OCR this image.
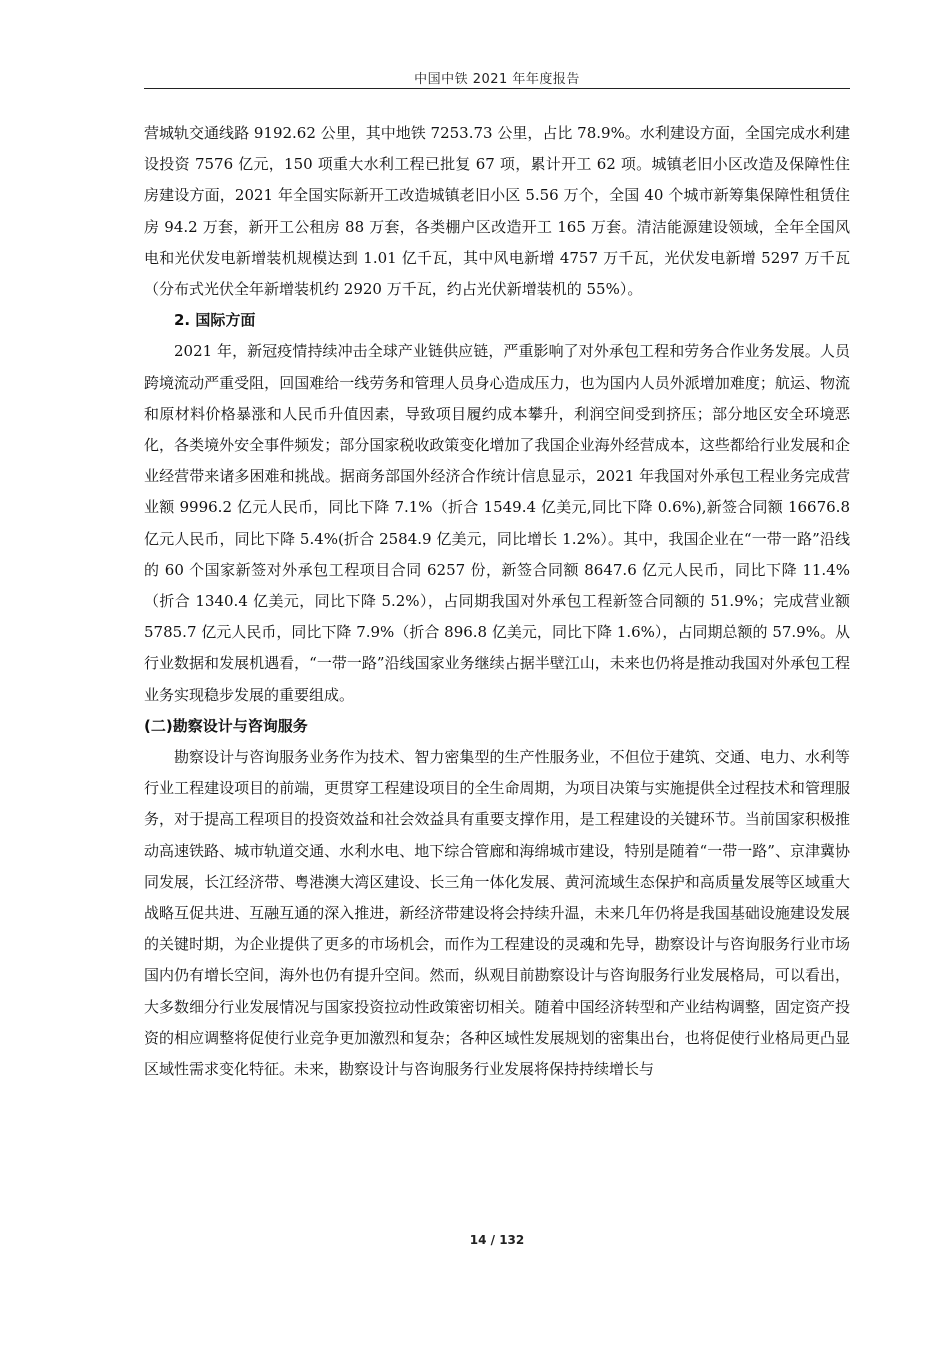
中国中铁 2021 年年度报告

营城轨交通线路 9192.62 公里，其中地铁 7253.73 公里，占比 78.9%。水利建设方面，全国完成水利建设投资 7576 亿元，150 项重大水利工程已批复 67 项，累计开工 62 项。城镇老旧小区改造及保障性住房建设方面，2021 年全国实际新开工改造城镇老旧小区 5.56 万个，全国 40 个城市新筹集保障性租赁住房 94.2 万套，新开工公租房 88 万套，各类棚户区改造开工 165 万套。清洁能源建设领域，全年全国风电和光伏发电新增装机规模达到 1.01 亿千瓦，其中风电新增 4757 万千瓦，光伏发电新增 5297 万千瓦（分布式光伏全年新增装机约 2920 万千瓦，约占光伏新增装机的 55%）。

2. 国际方面

2021 年，新冠疫情持续冲击全球产业链供应链，严重影响了对外承包工程和劳务合作业务发展。人员跨境流动严重受阻，回国难给一线劳务和管理人员身心造成压力，也为国内人员外派增加难度；航运、物流和原材料价格暴涨和人民币升值因素，导致项目履约成本攀升，利润空间受到挤压；部分地区安全环境恶化，各类境外安全事件频发；部分国家税收政策变化增加了我国企业海外经营成本，这些都给行业发展和企业经营带来诸多困难和挑战。据商务部国外经济合作统计信息显示，2021 年我国对外承包工程业务完成营业额 9996.2 亿元人民币，同比下降 7.1%（折合 1549.4 亿美元,同比下降 0.6%),新签合同额 16676.8 亿元人民币，同比下降 5.4%(折合 2584.9 亿美元，同比增长 1.2%）。其中，我国企业在“一带一路”沿线的 60 个国家新签对外承包工程项目合同 6257 份，新签合同额 8647.6 亿元人民币，同比下降 11.4%（折合 1340.4 亿美元，同比下降 5.2%），占同期我国对外承包工程新签合同额的 51.9%；完成营业额 5785.7 亿元人民币，同比下降 7.9%（折合 896.8 亿美元，同比下降 1.6%），占同期总额的 57.9%。从行业数据和发展机遇看，“一带一路”沿线国家业务继续占据半壁江山，未来也仍将是推动我国对外承包工程业务实现稳步发展的重要组成。

(二)勘察设计与咨询服务

勘察设计与咨询服务业务作为技术、智力密集型的生产性服务业，不但位于建筑、交通、电力、水利等行业工程建设项目的前端，更贯穿工程建设项目的全生命周期，为项目决策与实施提供全过程技术和管理服务，对于提高工程项目的投资效益和社会效益具有重要支撑作用，是工程建设的关键环节。当前国家积极推动高速铁路、城市轨道交通、水利水电、地下综合管廊和海绵城市建设，特别是随着“一带一路”、京津冀协同发展，长江经济带、粤港澳大湾区建设、长三角一体化发展、黄河流域生态保护和高质量发展等区域重大战略互促共进、互融互通的深入推进，新经济带建设将会持续升温，未来几年仍将是我国基础设施建设发展的关键时期，为企业提供了更多的市场机会，而作为工程建设的灵魂和先导，勘察设计与咨询服务行业市场国内仍有增长空间，海外也仍有提升空间。然而，纵观目前勘察设计与咨询服务行业发展格局，可以看出，大多数细分行业发展情况与国家投资拉动性政策密切相关。随着中国经济转型和产业结构调整，固定资产投资的相应调整将促使行业竞争更加激烈和复杂；各种区域性发展规划的密集出台，也将促使行业格局更凸显区域性需求变化特征。未来，勘察设计与咨询服务行业发展将保持持续增长与

14 / 132
